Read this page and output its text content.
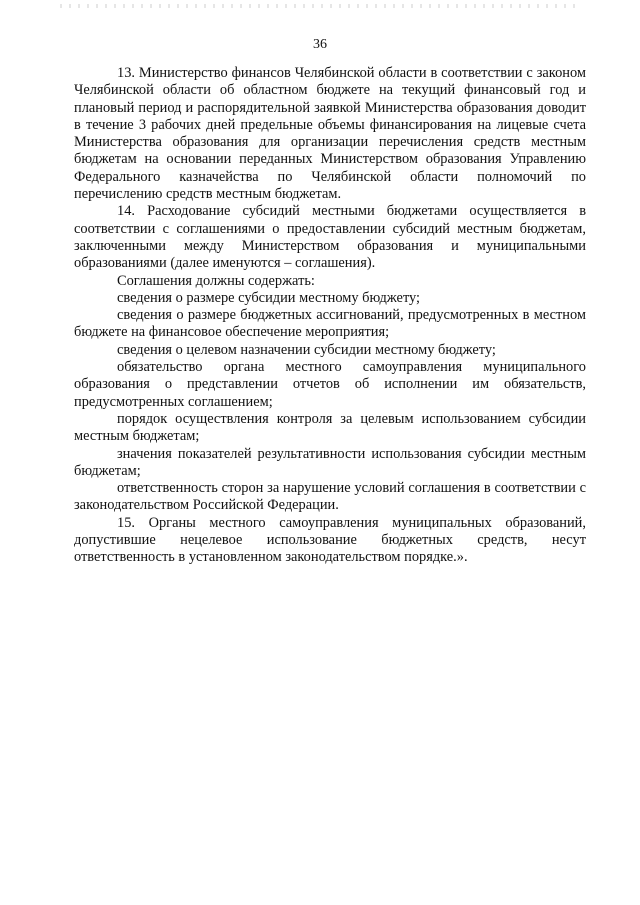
36

13. Министерство финансов Челябинской области в соответствии с законом Челябинской области об областном бюджете на текущий финансовый год и плановый период и распорядительной заявкой Министерства образования доводит в течение 3 рабочих дней предельные объемы финансирования на лицевые счета Министерства образования для организации перечисления средств местным бюджетам на основании переданных Министерством образования Управлению Федерального казначейства по Челябинской области полномочий по перечислению средств местным бюджетам.

14. Расходование субсидий местными бюджетами осуществляется в соответствии с соглашениями о предоставлении субсидий местным бюджетам, заключенными между Министерством образования и муниципальными образованиями (далее именуются – соглашения).

Соглашения должны содержать:

сведения о размере субсидии местному бюджету;

сведения о размере бюджетных ассигнований, предусмотренных в местном бюджете на финансовое обеспечение мероприятия;

сведения о целевом назначении субсидии местному бюджету;

обязательство органа местного самоуправления муниципального образования о представлении отчетов об исполнении им обязательств, предусмотренных соглашением;

порядок осуществления контроля за целевым использованием субсидии местным бюджетам;

значения показателей результативности использования субсидии местным бюджетам;

ответственность сторон за нарушение условий соглашения в соответствии с законодательством Российской Федерации.

15. Органы местного самоуправления муниципальных образований, допустившие нецелевое использование бюджетных средств, несут ответственность в установленном законодательством порядке.».
